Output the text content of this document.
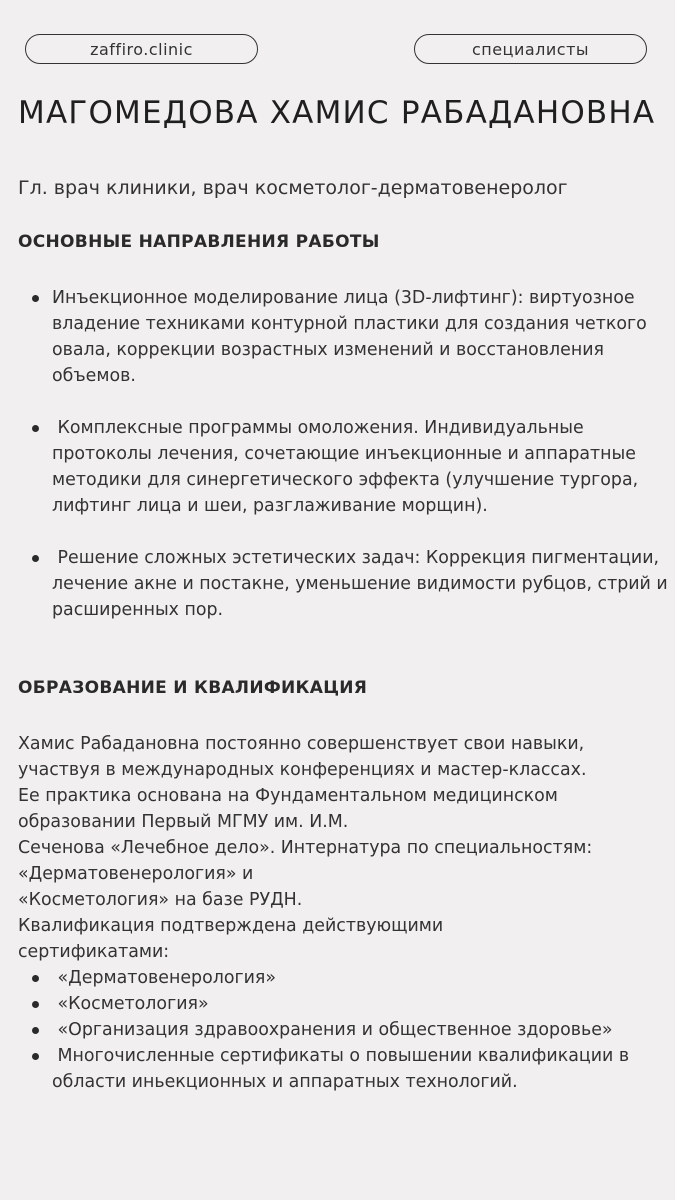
zaffiro.clinic	специалисты
МАГОМЕДОВА ХАМИС РАБАДАНОВНА

Гл. врач клиники, врач косметолог-дерматовенеролог

ОСНОВНЫЕ НАПРАВЛЕНИЯ РАБОТЫ
Инъекционное моделирование лица (3D-лифтинг): виртуозное владение техниками контурной пластики для создания четкого овала, коррекции возрастных изменений и восстановления объемов.
Комплексные программы омоложения. Индивидуальные протоколы лечения, сочетающие инъекционные и аппаратные методики для синергетического эффекта (улучшение тургора, лифтинг лица и шеи, разглаживание морщин).
Решение сложных эстетических задач: Коррекция пигментации, лечение акне и постакне, уменьшение видимости рубцов, стрий и расширенных пор.
ОБРАЗОВАНИЕ И КВАЛИФИКАЦИЯ

Хамис Рабадановна постоянно совершенствует свои навыки, участвуя в международных конференциях и мастер-классах.

Ее практика основана на Фундаментальном медицинском образовании Первый МГМУ им. И.М.

Сеченова «Лечебное дело». Интернатура по специальностям: «Дерматовенерология» и

«Косметология» на базе РУДН.

Квалификация подтверждена действующими сертификатами:

«Дерматовенерология»
«Косметология»
«Организация здравоохранения и общественное здоровье»
Многочисленные сертификаты о повышении квалификации в области иньекционных и аппаратных технологий.
